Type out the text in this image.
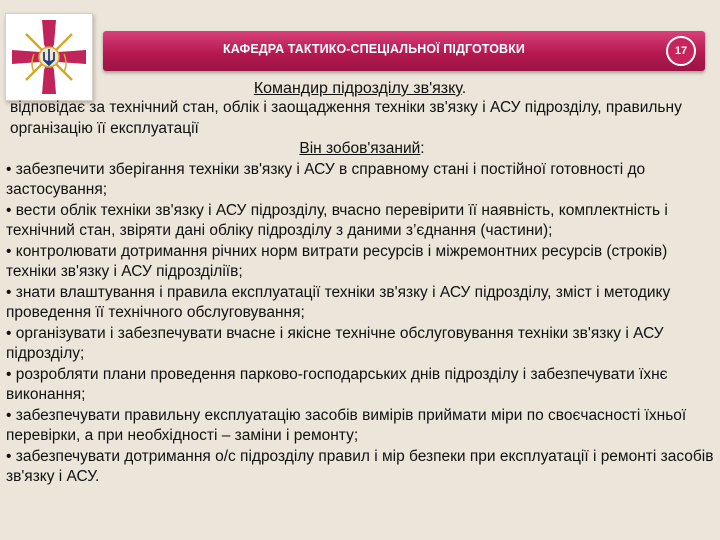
КАФЕДРА ТАКТИКО-СПЕЦІАЛЬНОЇ ПІДГОТОВКИ	17
Командир підрозділу зв'язку.

відповідає за технічний стан, облік і заощадження техніки зв'язку і АСУ підрозділу, правильну організацію її експлуатації

Він зобов'язаний:

• забезпечити зберігання техніки зв'язку і АСУ в справному стані і постійної готовності до застосування;

• вести облік техніки зв'язку і АСУ підрозділу, вчасно перевірити її наявність, комплектність і технічний стан, звіряти дані обліку підрозділу з даними з’єднання (частини);

• контролювати дотримання річних норм витрати ресурсів і міжремонтних ресурсів (строків) техніки зв'язку і АСУ підрозділіїв;

• знати влаштування і правила експлуатації техніки зв'язку і АСУ підрозділу, зміст і методику проведення її технічного обслуговування;

• організувати і забезпечувати вчасне і якісне технічне обслуговування техніки зв'язку і АСУ підрозділу;

• розробляти плани проведення парково-господарських днів підрозділу і забезпечувати їхнє виконання;

• забезпечувати правильну експлуатацію засобів вимірів приймати міри по своєчасності їхньої перевірки, а при необхідності – заміни і ремонту;

• забезпечувати дотримання о/с підрозділу правил і мір безпеки при експлуатації і ремонті засобів зв'язку і АСУ.
